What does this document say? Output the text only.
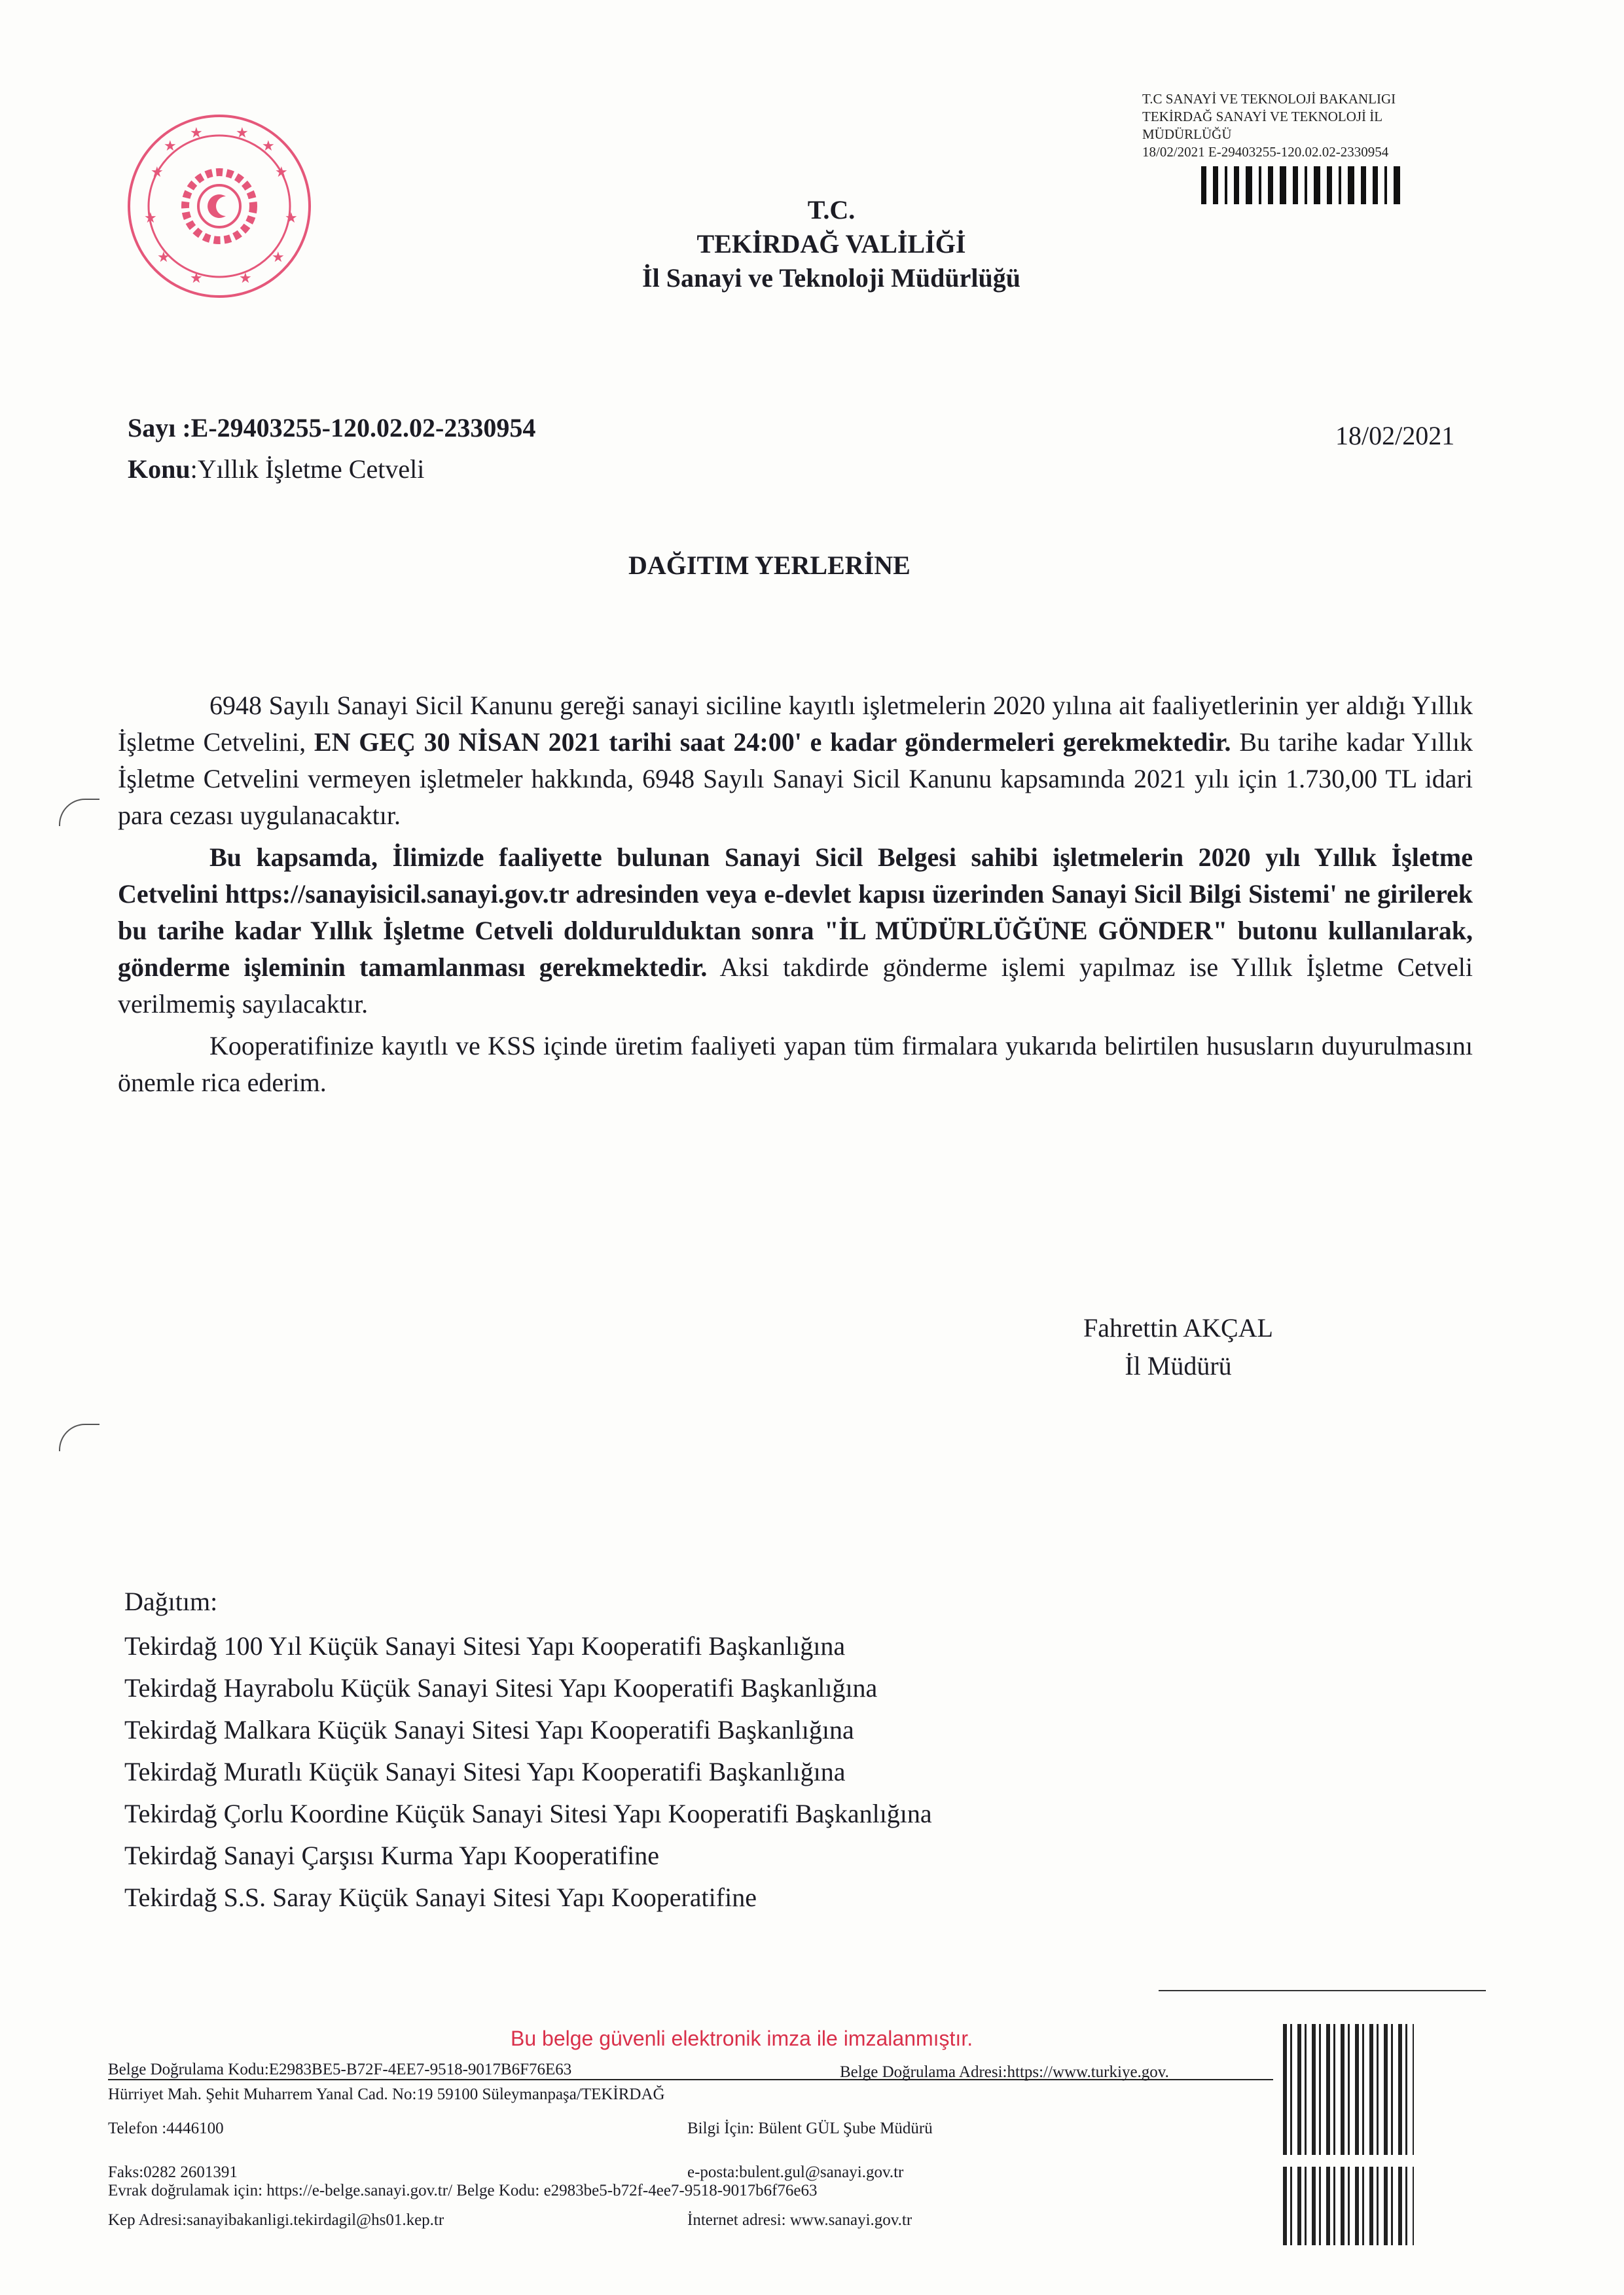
★
★
★
★
★
★
★	★
★	★
★	★
T.C SANAYİ VE TEKNOLOJİ BAKANLIGI
TEKİRDAĞ SANAYİ VE TEKNOLOJİ İL
MÜDÜRLÜĞÜ
18/02/2021 E-29403255-120.02.02-2330954
T.C.
TEKİRDAĞ VALİLİĞİ
İl Sanayi ve Teknoloji Müdürlüğü
Sayı :E-29403255-120.02.02-2330954
Konu:Yıllık İşletme Cetveli
18/02/2021
DAĞITIM YERLERİNE

6948 Sayılı Sanayi Sicil Kanunu gereği sanayi siciline kayıtlı işletmelerin 2020 yılına ait faaliyetlerinin yer aldığı Yıllık İşletme Cetvelini, EN GEÇ 30 NİSAN 2021 tarihi saat 24:00' e kadar göndermeleri gerekmektedir. Bu tarihe kadar Yıllık İşletme Cetvelini vermeyen işletmeler hakkında, 6948 Sayılı Sanayi Sicil Kanunu kapsamında 2021 yılı için 1.730,00 TL idari para cezası uygulanacaktır.

Bu kapsamda, İlimizde faaliyette bulunan Sanayi Sicil Belgesi sahibi işletmelerin 2020 yılı Yıllık İşletme Cetvelini https://sanayisicil.sanayi.gov.tr adresinden veya e-devlet kapısı üzerinden Sanayi Sicil Bilgi Sistemi' ne girilerek bu tarihe kadar Yıllık İşletme Cetveli doldurulduktan sonra "İL MÜDÜRLÜĞÜNE GÖNDER" butonu kullanılarak, gönderme işleminin tamamlanması gerekmektedir. Aksi takdirde gönderme işlemi yapılmaz ise Yıllık İşletme Cetveli verilmemiş sayılacaktır.

Kooperatifinize kayıtlı ve KSS içinde üretim faaliyeti yapan tüm firmalara yukarıda belirtilen hususların duyurulmasını önemle rica ederim.

Fahrettin AKÇAL
İl Müdürü
Dağıtım:
Tekirdağ 100 Yıl Küçük Sanayi Sitesi Yapı Kooperatifi Başkanlığına
Tekirdağ Hayrabolu Küçük Sanayi Sitesi Yapı Kooperatifi Başkanlığına
Tekirdağ Malkara Küçük Sanayi Sitesi Yapı Kooperatifi Başkanlığına
Tekirdağ Muratlı Küçük Sanayi Sitesi Yapı Kooperatifi Başkanlığına
Tekirdağ Çorlu Koordine Küçük Sanayi Sitesi Yapı Kooperatifi Başkanlığına
Tekirdağ Sanayi Çarşısı Kurma Yapı Kooperatifine
Tekirdağ S.S. Saray Küçük Sanayi Sitesi Yapı Kooperatifine
Bu belge güvenli elektronik imza ile imzalanmıştır.
Belge Doğrulama Kodu:E2983BE5-B72F-4EE7-9518-9017B6F76E63	Belge Doğrulama Adresi:https://www.turkiye.gov.
Hürriyet Mah. Şehit Muharrem Yanal Cad. No:19 59100 Süleymanpaşa/TEKİRDAĞ
Telefon :4446100	Bilgi İçin: Bülent GÜL Şube Müdürü
Faks:0282 2601391	e-posta:bulent.gul@sanayi.gov.tr
Evrak doğrulamak için: https://e-belge.sanayi.gov.tr/ Belge Kodu: e2983be5-b72f-4ee7-9518-9017b6f76e63
Kep Adresi:sanayibakanligi.tekirdagil@hs01.kep.tr	İnternet adresi: www.sanayi.gov.tr
